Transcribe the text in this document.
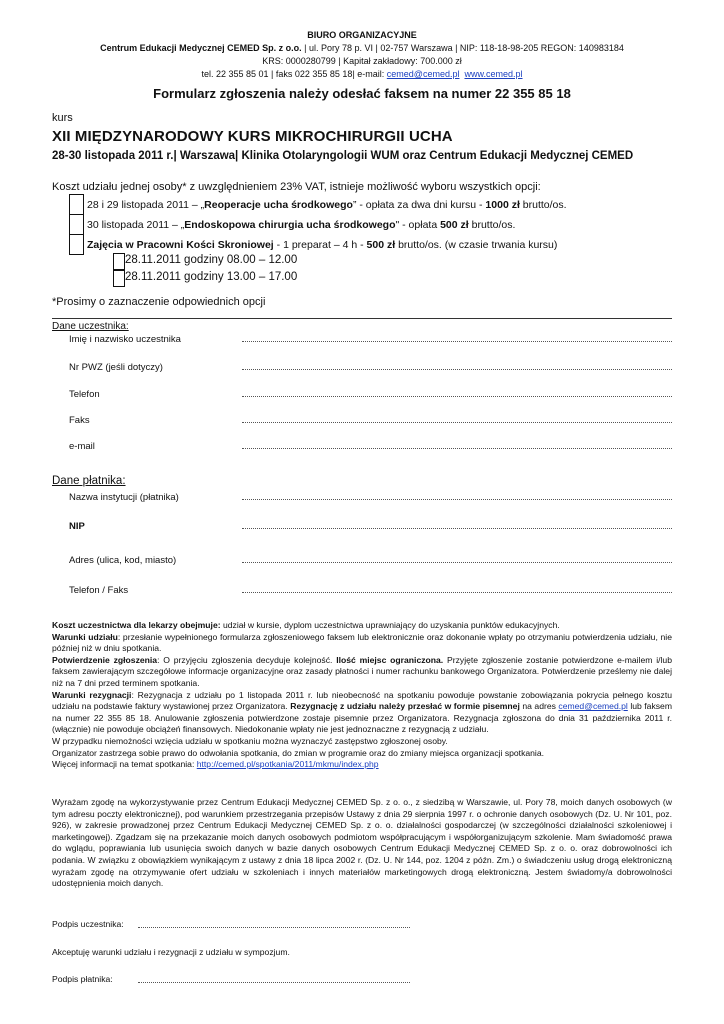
BIURO ORGANIZACYJNE
Centrum Edukacji Medycznej CEMED Sp. z o.o. | ul. Pory 78 p. VI | 02-757 Warszawa | NIP: 118-18-98-205 REGON: 140983184
KRS: 0000280799 | Kapitał zakładowy: 700.000 zł
tel. 22 355 85 01 | faks 022 355 85 18| e-mail: cemed@cemed.pl www.cemed.pl
Formularz zgłoszenia należy odesłać faksem na numer 22 355 85 18
kurs
XII MIĘDZYNARODOWY KURS MIKROCHIRURGII UCHA
28-30 listopada 2011 r.| Warszawa| Klinika Otolaryngologii WUM oraz Centrum Edukacji Medycznej CEMED
Koszt udziału jednej osoby* z uwzględnieniem 23% VAT, istnieje możliwość wyboru wszystkich opcji:
28 i 29 listopada 2011 – „Reoperacje ucha środkowego” - opłata za dwa dni kursu - 1000 zł brutto/os.
30 listopada 2011 – „Endoskopowa chirurgia ucha środkowego" - opłata 500 zł brutto/os.
Zajęcia w Pracowni Kości Skroniowej - 1 preparat – 4 h - 500 zł brutto/os. (w czasie trwania kursu)
28.11.2011 godziny 08.00 – 12.00
28.11.2011 godziny 13.00 – 17.00
*Prosimy o zaznaczenie odpowiednich opcji
Dane uczestnika:
Imię i nazwisko uczestnika
Nr PWZ (jeśli dotyczy)
Telefon
Faks
e-mail
Dane płatnika:
Nazwa instytucji (płatnika)
NIP
Adres (ulica, kod, miasto)
Telefon / Faks

Koszt uczestnictwa dla lekarzy obejmuje: udział w kursie, dyplom uczestnictwa uprawniający do uzyskania punktów edukacyjnych.

Warunki udziału: przesłanie wypełnionego formularza zgłoszeniowego faksem lub elektronicznie oraz dokonanie wpłaty po otrzymaniu potwierdzenia udziału, nie później niż w dniu spotkania.

Potwierdzenie zgłoszenia: O przyjęciu zgłoszenia decyduje kolejność. Ilość miejsc ograniczona. Przyjęte zgłoszenie zostanie potwierdzone e-mailem i/lub faksem zawierającym szczegółowe informacje organizacyjne oraz zasady płatności i numer rachunku bankowego Organizatora. Potwierdzenie prześlemy nie dalej niż na 7 dni przed terminem spotkania.

Warunki rezygnacji: Rezygnacja z udziału po 1 listopada 2011 r. lub nieobecność na spotkaniu powoduje powstanie zobowiązania pokrycia pełnego kosztu udziału na podstawie faktury wystawionej przez Organizatora. Rezygnację z udziału należy przesłać w formie pisemnej na adres cemed@cemed.pl lub faksem na numer 22 355 85 18. Anulowanie zgłoszenia potwierdzone zostaje pisemnie przez Organizatora. Rezygnacja zgłoszona do dnia 31 października 2011 r. (włącznie) nie powoduje obciążeń finansowych. Niedokonanie wpłaty nie jest jednoznaczne z rezygnacją z udziału.

W przypadku niemożności wzięcia udziału w spotkaniu można wyznaczyć zastępstwo zgłoszonej osoby.

Organizator zastrzega sobie prawo do odwołania spotkania, do zmian w programie oraz do zmiany miejsca organizacji spotkania.

Więcej informacji na temat spotkania: http://cemed.pl/spotkania/2011/mkmu/index.php

Wyrażam zgodę na wykorzystywanie przez Centrum Edukacji Medycznej CEMED Sp. z o. o., z siedzibą w Warszawie, ul. Pory 78, moich danych osobowych (w tym adresu poczty elektronicznej), pod warunkiem przestrzegania przepisów Ustawy z dnia 29 sierpnia 1997 r. o ochronie danych osobowych (Dz. U. Nr 101, poz. 926), w zakresie prowadzonej przez Centrum Edukacji Medycznej CEMED Sp. z o. o. działalności gospodarczej (w szczególności działalności szkoleniowej i marketingowej). Zgadzam się na przekazanie moich danych osobowych podmiotom współpracującym i współorganizującym szkolenie. Mam świadomość prawa do wglądu, poprawiania lub usunięcia swoich danych w bazie danych osobowych Centrum Edukacji Medycznej CEMED Sp. z o. o. oraz dobrowolności ich podania. W związku z obowiązkiem wynikającym z ustawy z dnia 18 lipca 2002 r. (Dz. U. Nr 144, poz. 1204 z późn. Zm.) o świadczeniu usług drogą elektroniczną wyrażam zgodę na otrzymywanie ofert udziału w szkoleniach i innych materiałów marketingowych drogą elektroniczną. Jestem świadomy/a dobrowolności udostępnienia moich danych.
Podpis uczestnika:
Akceptuję warunki udziału i rezygnacji z udziału w sympozjum.
Podpis płatnika:
